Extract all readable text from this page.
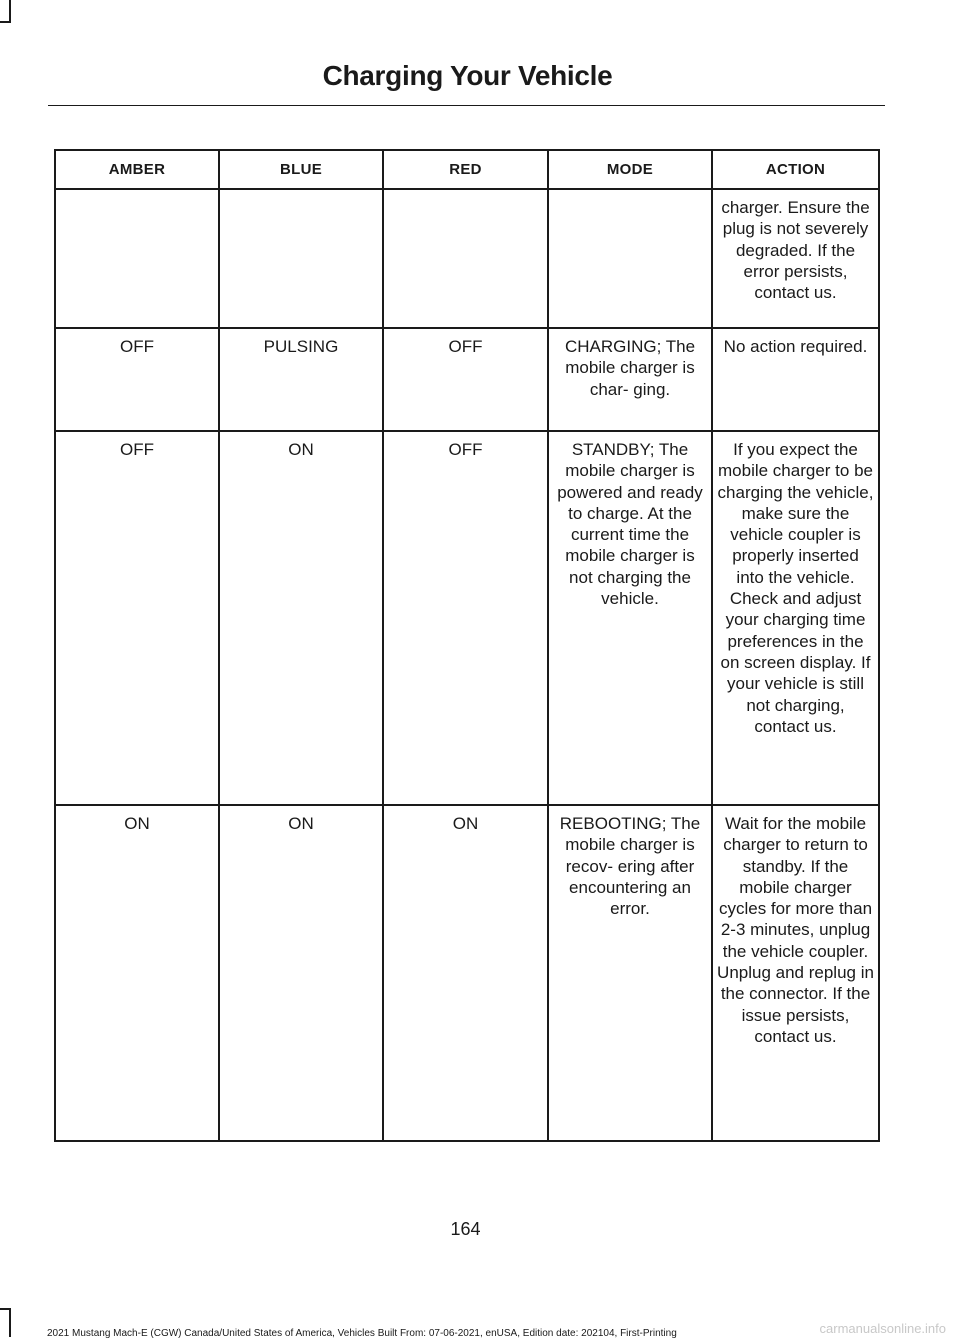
Charging Your Vehicle
AMBER	BLUE	RED	MODE	ACTION
				charger. Ensure the plug is not severely degraded. If the error persists, contact us.
OFF	PULSING	OFF	CHARGING; The mobile charger is char- ging.	No action required.
OFF	ON	OFF	STANDBY; The mobile charger is powered and ready to charge. At the current time the mobile charger is not charging the vehicle.	If you expect the mobile charger to be charging the vehicle, make sure the vehicle coupler is properly inserted into the vehicle. Check and adjust your charging time preferences in the on screen display. If your vehicle is still not charging, contact us.
ON	ON	ON	REBOOTING; The mobile charger is recov- ering after encountering an error.	Wait for the mobile charger to return to standby. If the mobile charger cycles for more than 2-3 minutes, unplug the vehicle coupler. Unplug and replug in the connector. If the issue persists, contact us.
164
2021 Mustang Mach-E (CGW) Canada/United States of America, Vehicles Built From: 07-06-2021, enUSA, Edition date: 202104, First-Printing	carmanualsonline.info
